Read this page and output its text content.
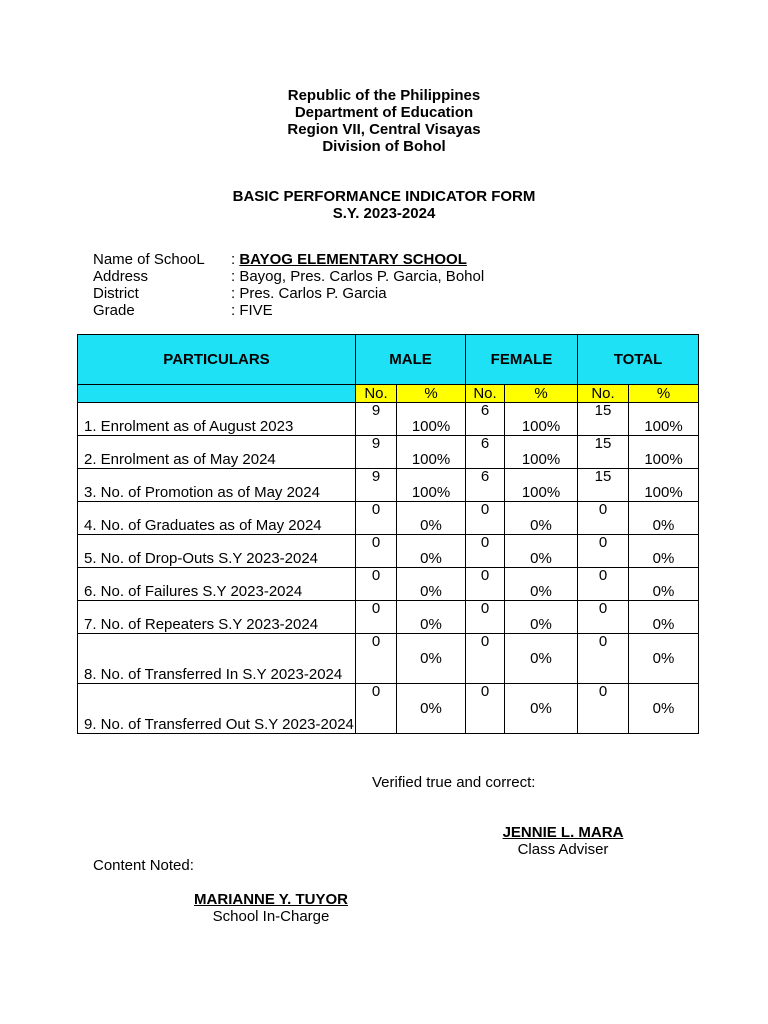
Republic of the Philippines
Department of Education
Region VII, Central Visayas
Division of Bohol
BASIC PERFORMANCE INDICATOR FORM
S.Y. 2023-2024
Name of SchooL	: BAYOG ELEMENTARY SCHOOL
Address	: Bayog, Pres. Carlos P. Garcia, Bohol
District	: Pres. Carlos P. Garcia
Grade	: FIVE
PARTICULARS	MALE		FEMALE		TOTAL	
	No.	%	No.	%	No.	%
1. Enrolment as of August 2023	9	100%	6	100%	15	100%
2. Enrolment as of May 2024	9	100%	6	100%	15	100%
3. No. of Promotion as of May 2024	9	100%	6	100%	15	100%
4. No. of Graduates as of May 2024	0	0%	0	0%	0	0%
5. No. of Drop-Outs S.Y 2023-2024	0	0%	0	0%	0	0%
6. No. of Failures S.Y 2023-2024	0	0%	0	0%	0	0%
7. No. of Repeaters S.Y 2023-2024	0	0%	0	0%	0	0%
8. No. of Transferred In S.Y 2023-2024	0	0%	0	0%	0	0%
9. No. of Transferred Out S.Y 2023-2024	0	0%	0	0%	0	0%
Verified true and correct:
JENNIE L. MARA
Class Adviser
Content Noted:
MARIANNE Y. TUYOR
School In-Charge
